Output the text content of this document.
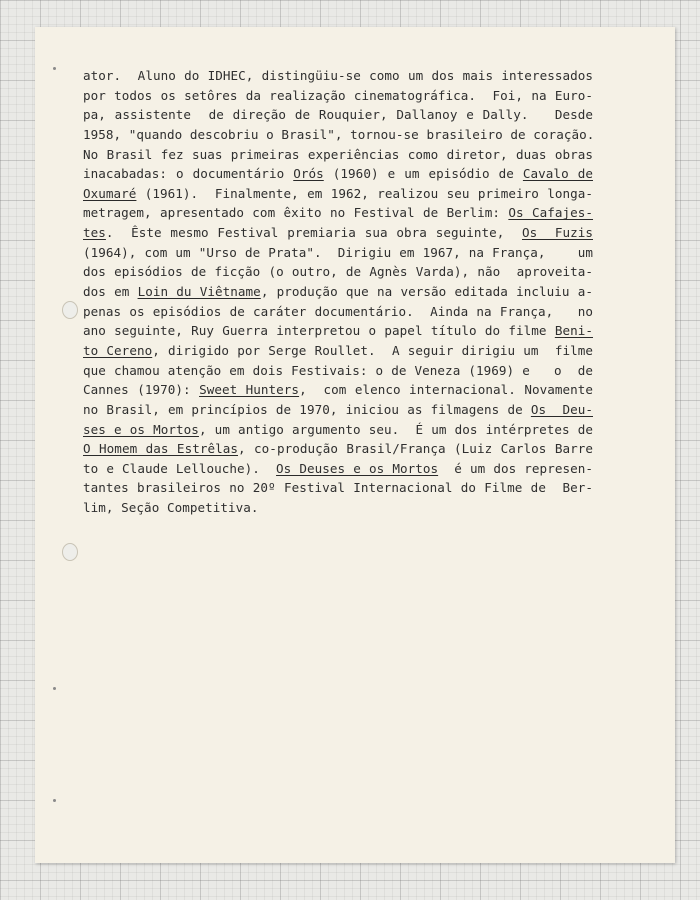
ator.  Aluno do IDHEC, distingüiu-se como um dos mais interessados
por todos os setôres da realização cinematográfica.  Foi, na Euro-
pa, assistente  de direção de Rouquier, Dallanoy e Dally.   Desde
1958, "quando descobriu o Brasil", tornou-se brasileiro de coração.
No Brasil fez suas primeiras experiências como diretor, duas obras
inacabadas: o documentário Orós (1960) e um episódio de Cavalo de
Oxumaré (1961).  Finalmente, em 1962, realizou seu primeiro longa-
metragem, apresentado com êxito no Festival de Berlim: Os Cafajes-
tes.  Êste mesmo Festival premiaria sua obra seguinte,  Os  Fuzis
(1964), com um "Urso de Prata".  Dirigiu em 1967, na França,    um
dos episódios de ficção (o outro, de Agnès Varda), não  aproveita-
dos em Loin du Viêtname, produção que na versão editada incluiu a-
penas os episódios de caráter documentário.  Ainda na França,   no
ano seguinte, Ruy Guerra interpretou o papel título do filme Beni-
to Cereno, dirigido por Serge Roullet.  A seguir dirigiu um  filme
que chamou atenção em dois Festivais: o de Veneza (1969) e   o  de
Cannes (1970): Sweet Hunters,  com elenco internacional. Novamente
no Brasil, em princípios de 1970, iniciou as filmagens de Os  Deu-
ses e os Mortos, um antigo argumento seu.  É um dos intérpretes de
O Homem das Estrêlas, co-produção Brasil/França (Luiz Carlos Barre
to e Claude Lellouche).  Os Deuses e os Mortos  é um dos represen-
tantes brasileiros no 20º Festival Internacional do Filme de  Ber-
lim, Seção Competitiva.
